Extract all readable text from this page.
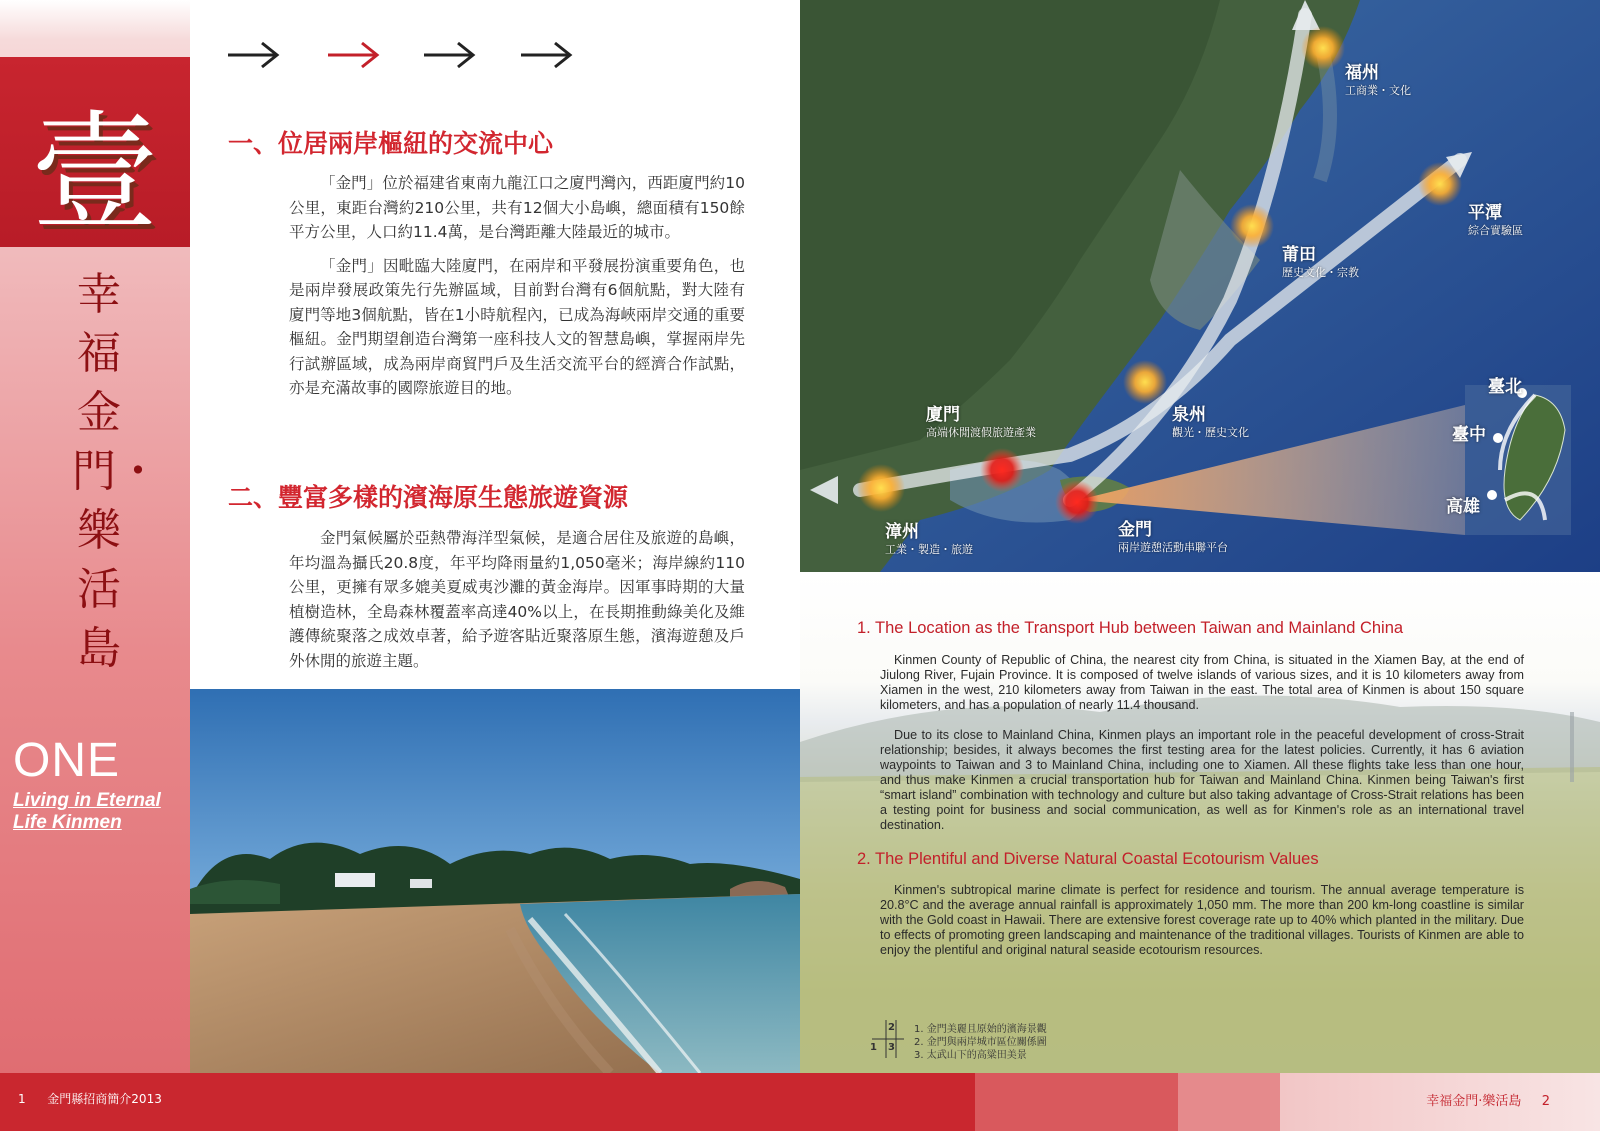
壹
幸福金門・樂活島
ONE
Living in Eternal
Life Kinmen
一、位居兩岸樞紐的交流中心

「金門」位於福建省東南九龍江口之廈門灣內，西距廈門約10公里，東距台灣約210公里，共有12個大小島嶼，總面積有150餘平方公里，人口約11.4萬，是台灣距離大陸最近的城市。

「金門」因毗臨大陸廈門，在兩岸和平發展扮演重要角色，也是兩岸發展政策先行先辦區域，目前對台灣有6個航點，對大陸有廈門等地3個航點，皆在1小時航程內，已成為海峽兩岸交通的重要樞紐。金門期望創造台灣第一座科技人文的智慧島嶼，掌握兩岸先行試辦區域，成為兩岸商貿門戶及生活交流平台的經濟合作試點，亦是充滿故事的國際旅遊目的地。

二、豐富多樣的濱海原生態旅遊資源

金門氣候屬於亞熱帶海洋型氣候，是適合居住及旅遊的島嶼，年均溫為攝氏20.8度，年平均降雨量約1,050毫米；海岸線約110公里，更擁有眾多媲美夏威夷沙灘的黃金海岸。因軍事時期的大量植樹造林，全島森林覆蓋率高達40%以上，在長期推動綠美化及維護傳統聚落之成效卓著，給予遊客貼近聚落原生態，濱海遊憩及戶外休閒的旅遊主題。

福州
工商業・文化
平潭
綜合實驗區
莆田
歷史文化・宗教
泉州
觀光・歷史文化
廈門
高端休閒渡假旅遊產業
漳州
工業・製造・旅遊
金門
兩岸遊憩活動串聯平台
臺北
臺中
高雄
1. The Location as the Transport Hub between Taiwan and Mainland China

Kinmen County of Republic of China, the nearest city from China, is situated in the Xiamen Bay, at the end of Jiulong River, Fujain Province. It is composed of twelve islands of various sizes, and it is 10 kilometers away from Xiamen in the west, 210 kilometers away from Taiwan in the east. The total area of Kinmen is about 150 square kilometers, and has a population of nearly 11.4 thousand.

Due to its close to Mainland China, Kinmen plays an important role in the peaceful development of cross-Strait relationship; besides, it always becomes the first testing area for the latest policies. Currently, it has 6 aviation waypoints to Taiwan and 3 to Mainland China, including one to Xiamen. All these flights take less than one hour, and thus make Kinmen a crucial transportation hub for Taiwan and Mainland China. Kinmen being Taiwan's first “smart island” combination with technology and culture but also taking advantage of Cross-Strait relations has been a testing point for business and social communication, as well as for Kinmen's role as an international travel destination.

2. The Plentiful and Diverse Natural Coastal Ecotourism Values

Kinmen's subtropical marine climate is perfect for residence and tourism. The annual average temperature is 20.8°C and the average annual rainfall is approximately 1,050 mm. The more than 200 km-long coastline is similar with the Gold coast in Hawaii. There are extensive forest coverage rate up to 40% which planted in the military. Due to effects of promoting green landscaping and maintenance of the traditional villages. Tourists of Kinmen are able to enjoy the plentiful and original natural seaside ecotourism resources.

2
3
1
1. 金門美麗且原始的濱海景觀
2. 金門與兩岸城市區位關係圖
3. 太武山下的高粱田美景
1 金門縣招商簡介2013	幸福金門‧樂活島 2
